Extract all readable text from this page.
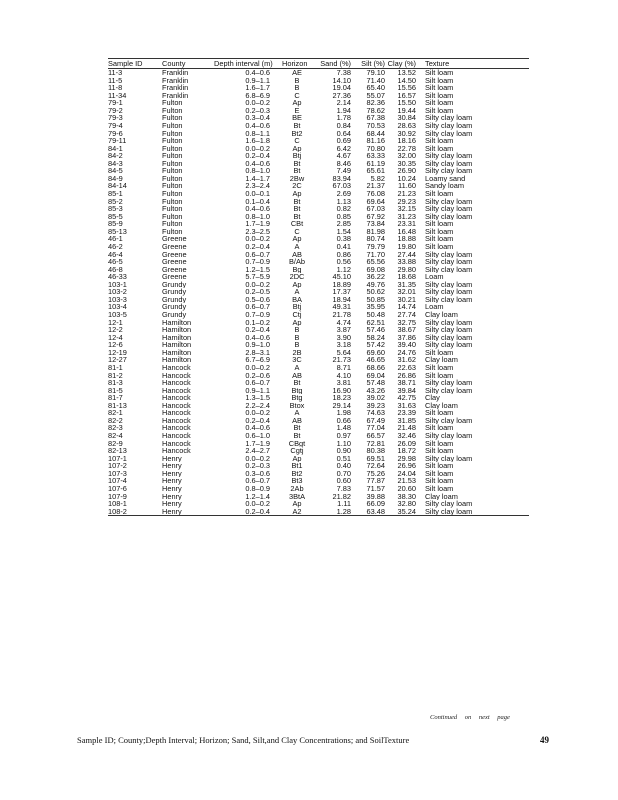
Sample ID	County	Depth interval (m)	Horizon	Sand (%)	Silt (%)	Clay (%)	Texture
11-3	Franklin	0.4–0.6	AE	7.38	79.10	13.52	Silt loam
11-5	Franklin	0.9–1.1	B	14.10	71.40	14.50	Silt loam
11-8	Franklin	1.6–1.7	B	19.04	65.40	15.56	Silt loam
11-34	Franklin	6.8–6.9	C	27.36	55.07	16.57	Silt loam
79-1	Fulton	0.0–0.2	Ap	2.14	82.36	15.50	Silt loam
79-2	Fulton	0.2–0.3	E	1.94	78.62	19.44	Silt loam
79-3	Fulton	0.3–0.4	BE	1.78	67.38	30.84	Silty clay loam
79-4	Fulton	0.4–0.6	Bt	0.84	70.53	28.63	Silty clay loam
79-6	Fulton	0.8–1.1	Bt2	0.64	68.44	30.92	Silty clay loam
79-11	Fulton	1.6–1.8	C	0.69	81.16	18.16	Silt loam
84-1	Fulton	0.0–0.2	Ap	6.42	70.80	22.78	Silt loam
84-2	Fulton	0.2–0.4	Btj	4.67	63.33	32.00	Silty clay loam
84-3	Fulton	0.4–0.6	Bt	8.46	61.19	30.35	Silty clay loam
84-5	Fulton	0.8–1.0	Bt	7.49	65.61	26.90	Silty clay loam
84-9	Fulton	1.4–1.7	2Bw	83.94	5.82	10.24	Loamy sand
84-14	Fulton	2.3–2.4	2C	67.03	21.37	11.60	Sandy loam
85-1	Fulton	0.0–0.1	Ap	2.69	76.08	21.23	Silt loam
85-2	Fulton	0.1–0.4	Bt	1.13	69.64	29.23	Silty clay loam
85-3	Fulton	0.4–0.6	Bt	0.82	67.03	32.15	Silty clay loam
85-5	Fulton	0.8–1.0	Bt	0.85	67.92	31.23	Silty clay loam
85-9	Fulton	1.7–1.9	CBt	2.85	73.84	23.31	Silt loam
85-13	Fulton	2.3–2.5	C	1.54	81.98	16.48	Silt loam
46-1	Greene	0.0–0.2	Ap	0.38	80.74	18.88	Silt loam
46-2	Greene	0.2–0.4	A	0.41	79.79	19.80	Silt loam
46-4	Greene	0.6–0.7	AB	0.86	71.70	27.44	Silty clay loam
46-5	Greene	0.7–0.9	B/Ab	0.56	65.56	33.88	Silty clay loam
46-8	Greene	1.2–1.5	Bg	1.12	69.08	29.80	Silty clay loam
46-33	Greene	5.7–5.9	2DC	45.10	36.22	18.68	Loam
103-1	Grundy	0.0–0.2	Ap	18.89	49.76	31.35	Silty clay loam
103-2	Grundy	0.2–0.5	A	17.37	50.62	32.01	Silty clay loam
103-3	Grundy	0.5–0.6	BA	18.94	50.85	30.21	Silty clay loam
103-4	Grundy	0.6–0.7	Btj	49.31	35.95	14.74	Loam
103-5	Grundy	0.7–0.9	Ctj	21.78	50.48	27.74	Clay loam
12-1	Hamilton	0.1–0.2	Ap	4.74	62.51	32.75	Silty clay loam
12-2	Hamilton	0.2–0.4	B	3.87	57.46	38.67	Silty clay loam
12-4	Hamilton	0.4–0.6	B	3.90	58.24	37.86	Silty clay loam
12-6	Hamilton	0.9–1.0	B	3.18	57.42	39.40	Silty clay loam
12-19	Hamilton	2.8–3.1	2B	5.64	69.60	24.76	Silt loam
12-27	Hamilton	6.7–6.9	3C	21.73	46.65	31.62	Clay loam
81-1	Hancock	0.0–0.2	A	8.71	68.66	22.63	Silt loam
81-2	Hancock	0.2–0.6	AB	4.10	69.04	26.86	Silt loam
81-3	Hancock	0.6–0.7	Bt	3.81	57.48	38.71	Silty clay loam
81-5	Hancock	0.9–1.1	Btg	16.90	43.26	39.84	Silty clay loam
81-7	Hancock	1.3–1.5	Btg	18.23	39.02	42.75	Clay
81-13	Hancock	2.2–2.4	Btox	29.14	39.23	31.63	Clay loam
82-1	Hancock	0.0–0.2	A	1.98	74.63	23.39	Silt loam
82-2	Hancock	0.2–0.4	AB	0.66	67.49	31.85	Silty clay loam
82-3	Hancock	0.4–0.6	Bt	1.48	77.04	21.48	Silt loam
82-4	Hancock	0.6–1.0	Bt	0.97	66.57	32.46	Silty clay loam
82-9	Hancock	1.7–1.9	CBgt	1.10	72.81	26.09	Silt loam
82-13	Hancock	2.4–2.7	Cgtj	0.90	80.38	18.72	Silt loam
107-1	Henry	0.0–0.2	Ap	0.51	69.51	29.98	Silty clay loam
107-2	Henry	0.2–0.3	Bt1	0.40	72.64	26.96	Silt loam
107-3	Henry	0.3–0.6	Bt2	0.70	75.26	24.04	Silt loam
107-4	Henry	0.6–0.7	Bt3	0.60	77.87	21.53	Silt loam
107-6	Henry	0.8–0.9	2Ab	7.83	71.57	20.60	Silt loam
107-9	Henry	1.2–1.4	3BtA	21.82	39.88	38.30	Clay loam
108-1	Henry	0.0–0.2	Ap	1.11	66.09	32.80	Silty clay loam
108-2	Henry	0.2–0.4	A2	1.28	63.48	35.24	Silty clay loam
Continued on next page
Sample ID; County;Depth Interval; Horizon; Sand, Silt,and Clay Concentrations; and SoilTexture	49
